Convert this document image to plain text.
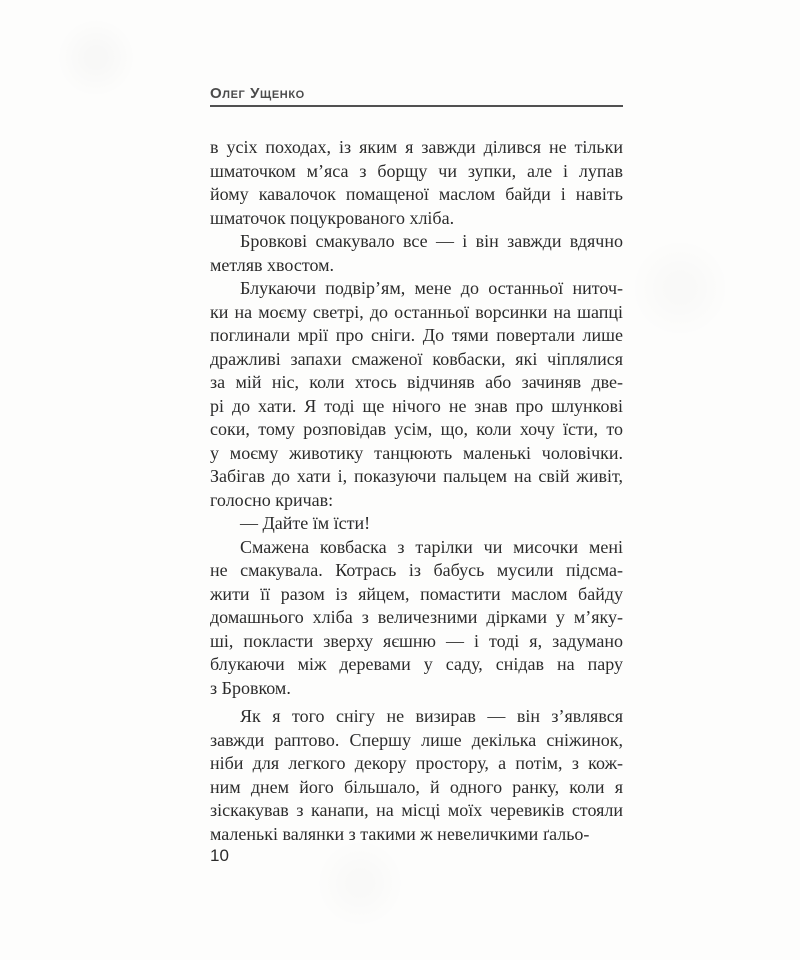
Олег Ущенко
в усіх походах, із яким я завжди ділився не тільки
шматочком м’яса з борщу чи зупки, але і лупав
йому кавалочок помащеної маслом байди і навіть
шматочок поцукрованого хліба.
Бровкові смакувало все — і він завжди вдячно
метляв хвостом.
Блукаючи подвір’ям, мене до останньої ниточ-
ки на моєму светрі, до останньої ворсинки на шапці
поглинали мрії про сніги. До тями повертали лише
дражливі запахи смаженої ковбаски, які чіплялися
за мій ніс, коли хтось відчиняв або зачиняв две-
рі до хати. Я тоді ще нічого не знав про шлункові
соки, тому розповідав усім, що, коли хочу їсти, то
у моєму животику танцюють маленькі чоловічки.
Забігав до хати і, показуючи пальцем на свій живіт,
голосно кричав:
— Дайте їм їсти!
Смажена ковбаска з тарілки чи мисочки мені
не смакувала. Котрась із бабусь мусили підсма-
жити її разом із яйцем, помастити маслом байду
домашнього хліба з величезними дірками у м’яку-
ші, покласти зверху яєшню — і тоді я, задумано
блукаючи між деревами у саду, снідав на пару
з Бровком.
Як я того снігу не визирав — він з’являвся
завжди раптово. Спершу лише декілька сніжинок,
ніби для легкого декору простору, а потім, з кож-
ним днем його більшало, й одного ранку, коли я
зіскакував з канапи, на місці моїх черевиків стояли
маленькі валянки з такими ж невеличкими ґальо-
10
